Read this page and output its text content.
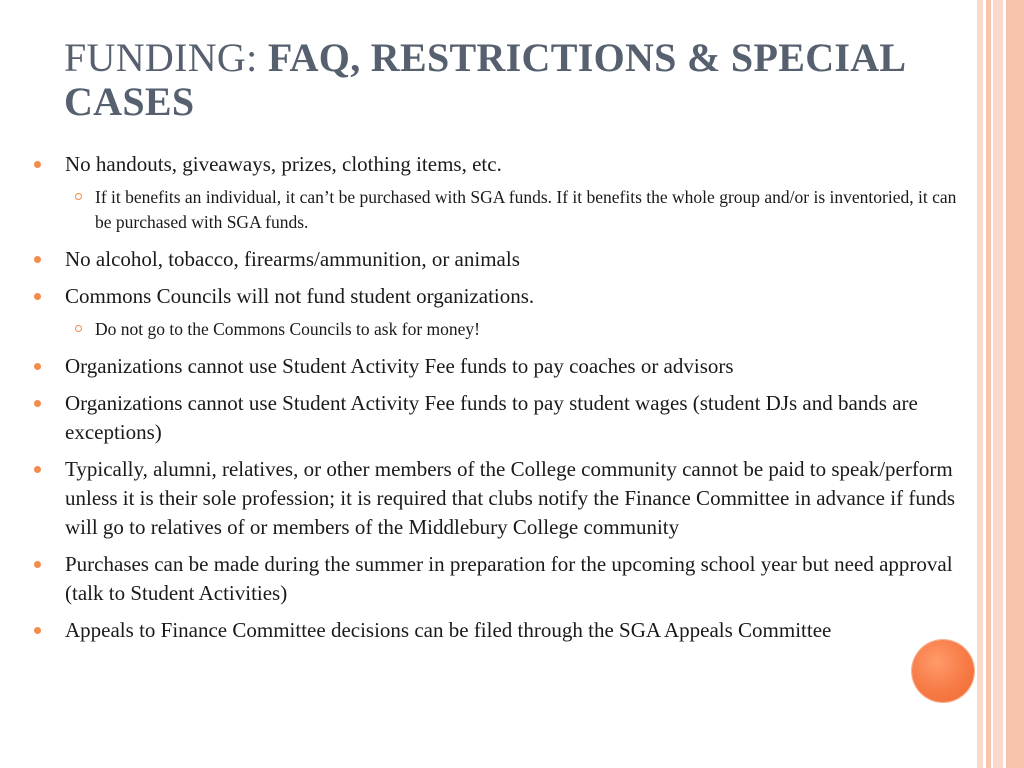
FUNDING: FAQ, RESTRICTIONS & SPECIAL CASES
No handouts, giveaways, prizes, clothing items, etc.
If it benefits an individual, it can’t be purchased with SGA funds. If it benefits the whole group and/or is inventoried, it can be purchased with SGA funds.
No alcohol, tobacco, firearms/ammunition, or animals
Commons Councils will not fund student organizations.
Do not go to the Commons Councils to ask for money!
Organizations cannot use Student Activity Fee funds to pay coaches or advisors
Organizations cannot use Student Activity Fee funds to pay student wages (student DJs and bands are exceptions)
Typically, alumni, relatives, or other members of the College community cannot be paid to speak/perform unless it is their sole profession; it is required that clubs notify the Finance Committee in advance if funds will go to relatives of or members of the Middlebury College community
Purchases can be made during the summer in preparation for the upcoming school year but need approval (talk to Student Activities)
Appeals to Finance Committee decisions can be filed through the SGA Appeals Committee
